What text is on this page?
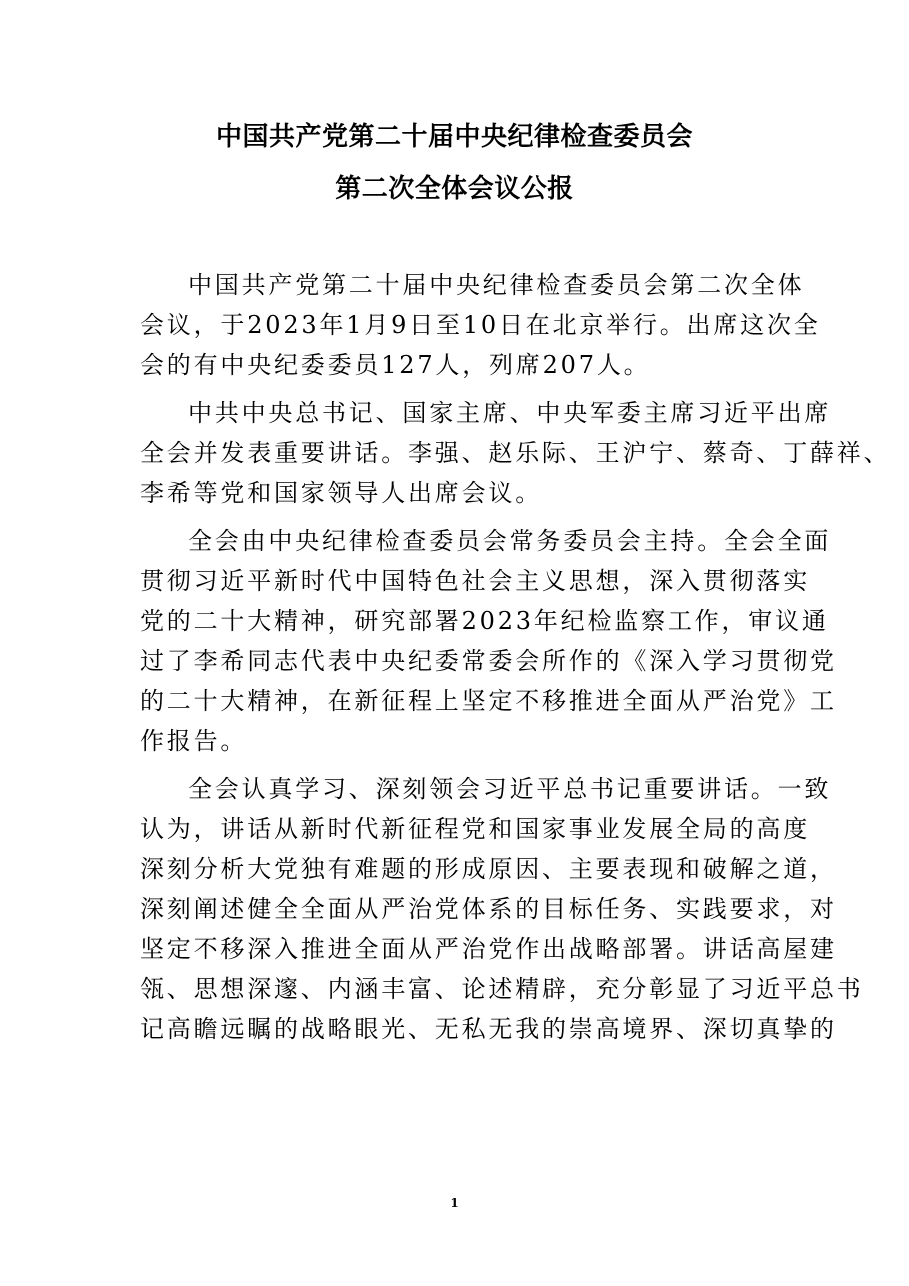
中国共产党第二十届中央纪律检查委员会
第二次全体会议公报
中国共产党第二十届中央纪律检查委员会第二次全体
会议，于2023年1月9日至10日在北京举行。出席这次全
会的有中央纪委委员127人，列席207人。
中共中央总书记、国家主席、中央军委主席习近平出席
全会并发表重要讲话。李强、赵乐际、王沪宁、蔡奇、丁薛祥、
李希等党和国家领导人出席会议。
全会由中央纪律检查委员会常务委员会主持。全会全面
贯彻习近平新时代中国特色社会主义思想，深入贯彻落实
党的二十大精神，研究部署2023年纪检监察工作，审议通
过了李希同志代表中央纪委常委会所作的《深入学习贯彻党
的二十大精神，在新征程上坚定不移推进全面从严治党》工
作报告。
全会认真学习、深刻领会习近平总书记重要讲话。一致
认为，讲话从新时代新征程党和国家事业发展全局的高度
深刻分析大党独有难题的形成原因、主要表现和破解之道，
深刻阐述健全全面从严治党体系的目标任务、实践要求，对
坚定不移深入推进全面从严治党作出战略部署。讲话高屋建
瓴、思想深邃、内涵丰富、论述精辟，充分彰显了习近平总书
记高瞻远瞩的战略眼光、无私无我的崇高境界、深切真挚的
1
